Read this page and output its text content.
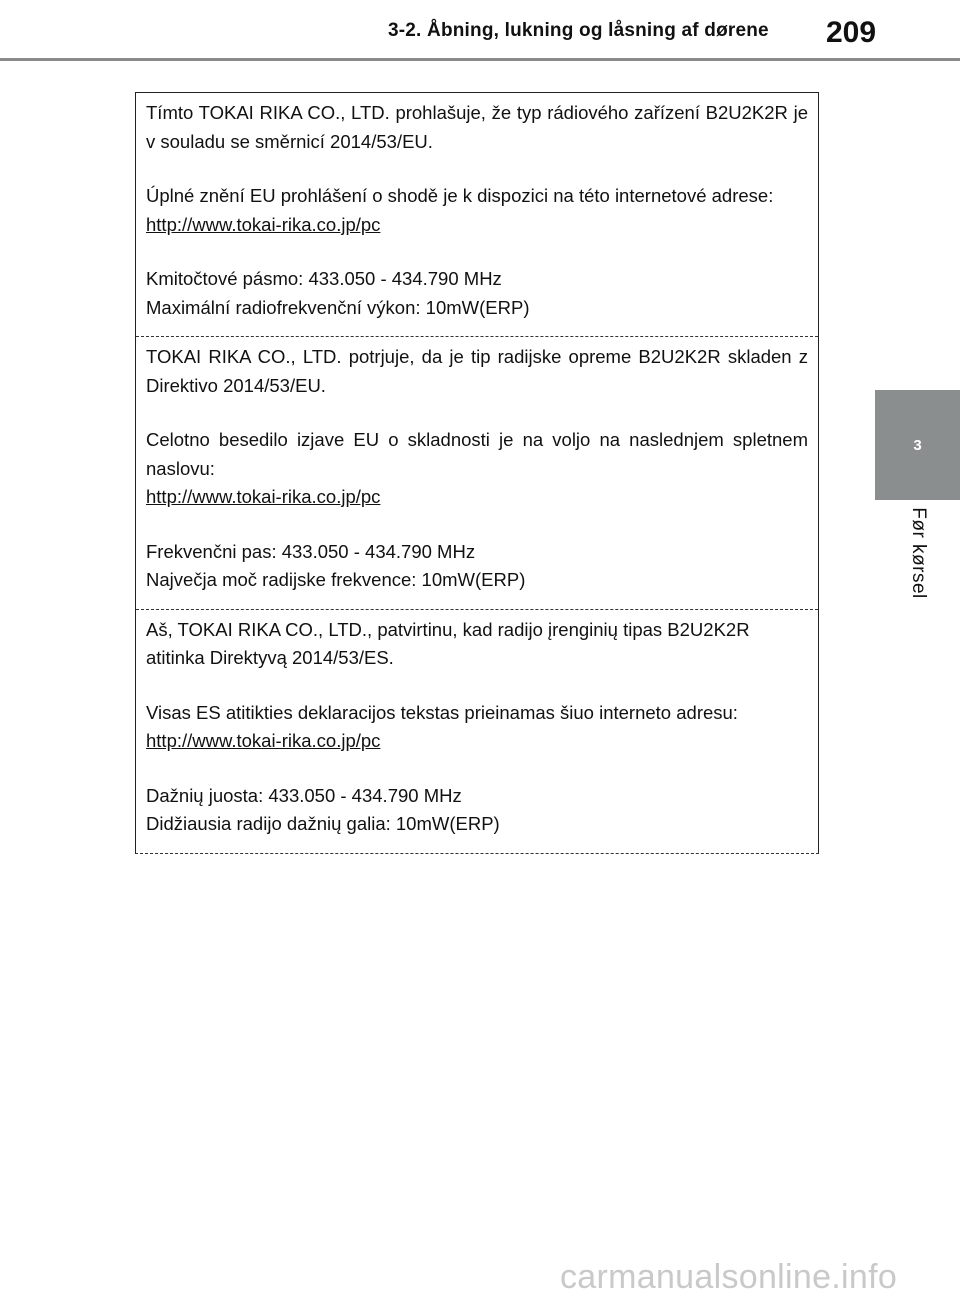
3-2. Åbning, lukning og låsning af dørene 209
3
Før kørsel

Tímto TOKAI RIKA CO., LTD. prohlašuje, že typ rádiového zařízení B2U2K2R je v souladu se směrnicí 2014/53/EU.

Úplné znění EU prohlášení o shodě je k dispozici na této internetové adrese:

http://www.tokai-rika.co.jp/pc

Kmitočtové pásmo: 433.050 - 434.790 MHz

Maximální radiofrekvenční výkon: 10mW(ERP)

TOKAI RIKA CO., LTD. potrjuje, da je tip radijske opreme B2U2K2R skladen z Direktivo 2014/53/EU.

Celotno besedilo izjave EU o skladnosti je na voljo na naslednjem spletnem naslovu:

http://www.tokai-rika.co.jp/pc

Frekvenčni pas: 433.050 - 434.790 MHz

Največja moč radijske frekvence: 10mW(ERP)

Aš, TOKAI RIKA CO., LTD., patvirtinu, kad radijo įrenginių tipas B2U2K2R atitinka Direktyvą 2014/53/ES.

Visas ES atitikties deklaracijos tekstas prieinamas šiuo interneto adresu:

http://www.tokai-rika.co.jp/pc

Dažnių juosta: 433.050 - 434.790 MHz

Didžiausia radijo dažnių galia: 10mW(ERP)

carmanualsonline.info
